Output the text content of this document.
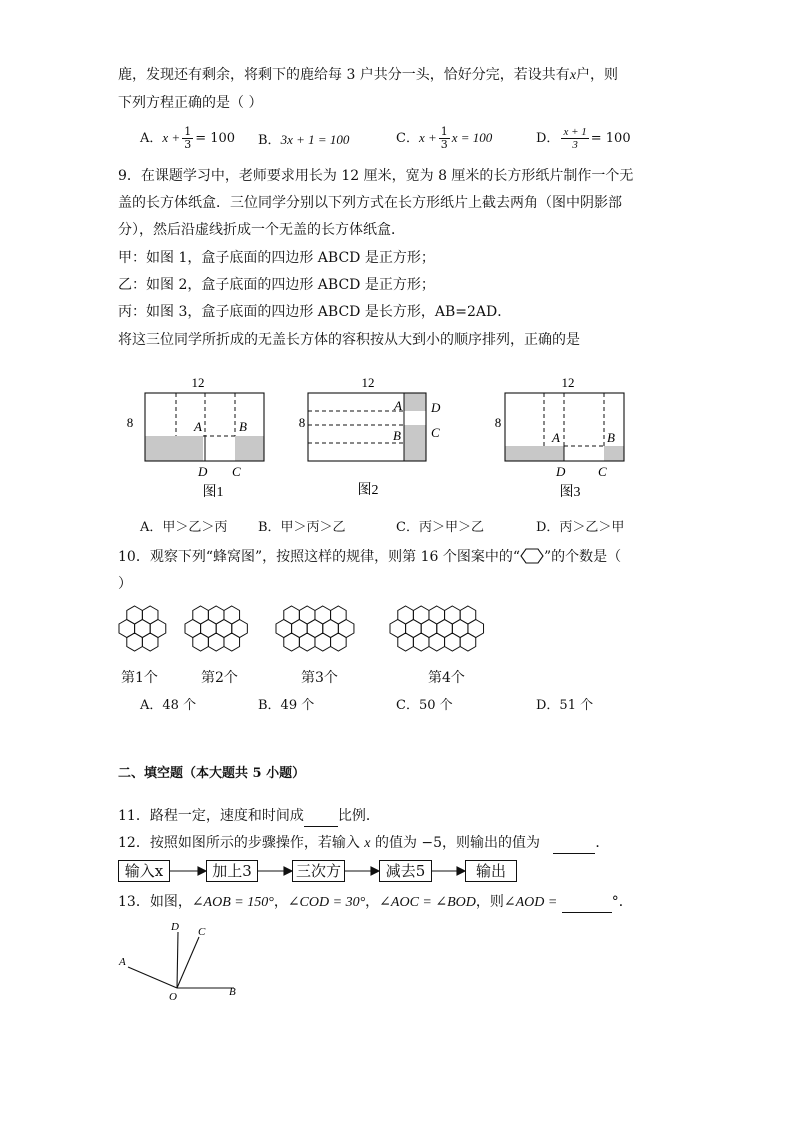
鹿，发现还有剩余，将剩下的鹿给每 3 户共分一头，恰好分完，若设共有x户，则
下列方程正确的是（ ）
A．$x + \frac{1}{3} = 100$ B．3x + 1 = 100	C．$x + \frac{1}{3}$ x = 100	D． $\frac{x + 1}{3} = 100$
9．在课题学习中，老师要求用长为 12 厘米，宽为 8 厘米的长方形纸片制作一个无
盖的长方体纸盒．三位同学分别以下列方式在长方形纸片上截去两角（图中阴影部
分），然后沿虚线折成一个无盖的长方体纸盒．
甲：如图 1，盒子底面的四边形 ABCD 是正方形；
乙：如图 2，盒子底面的四边形 ABCD 是正方形；
丙：如图 3，盒子底面的四边形 ABCD 是长方形，AB=2AD．
将这三位同学所折成的无盖长方体的容积按从大到小的顺序排列，正确的是
12
8	A	B
D C
图1
12
8
A D
B C
图2
12
8
A	B
D	C
图3
A．甲＞乙＞丙 B．甲＞丙＞乙	C．丙＞甲＞乙	D．丙＞乙＞甲
10．观察下列“蜂窝图”，按照这样的规律，则第 16 个图案中的“ ”的个数是（
）
第1个	第2个	第3个	第4个
A．48 个	B．49 个	C．50 个	D．51 个
二、填空题（本大题共 5 小题）
11．路程一定，速度和时间成 比例．
12．按照如图所示的步骤操作，若输入 x 的值为 −5，则输出的值为	．
输入x	加上3	三次方	减去5	输出
13．如图，∠AOB = 150°，∠COD = 30°，∠AOC = ∠BOD，则∠AOD =	°．
D C
A
O	B
